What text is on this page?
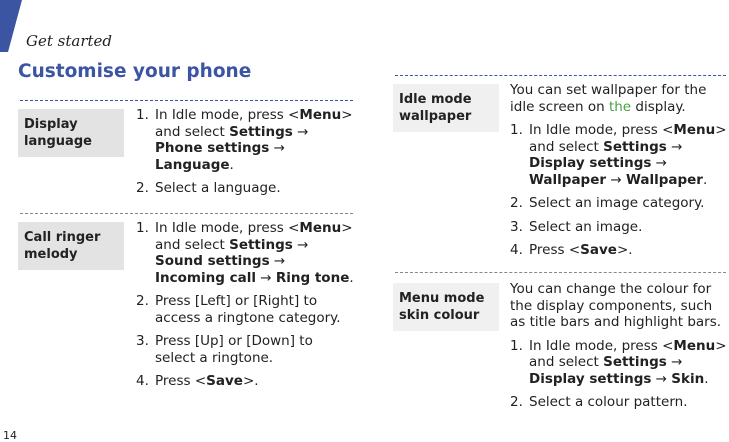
Get started
Customise your phone
Display
language
1. In Idle mode, press <Menu> and select Settings → Phone settings → Language.
2. Select a language.
Call ringer
melody
1. In Idle mode, press <Menu> and select Settings → Sound settings → Incoming call → Ring tone.
2. Press [Left] or [Right] to access a ringtone category.
3. Press [Up] or [Down] to select a ringtone.
4. Press <Save>.
Idle mode
wallpaper
You can set wallpaper for the idle screen on the display.
1. In Idle mode, press <Menu> and select Settings → Display settings → Wallpaper → Wallpaper.
2. Select an image category.
3. Select an image.
4. Press <Save>.
Menu mode
skin colour
You can change the colour for the display components, such as title bars and highlight bars.
1. In Idle mode, press <Menu> and select Settings → Display settings → Skin.
2. Select a colour pattern.
14
